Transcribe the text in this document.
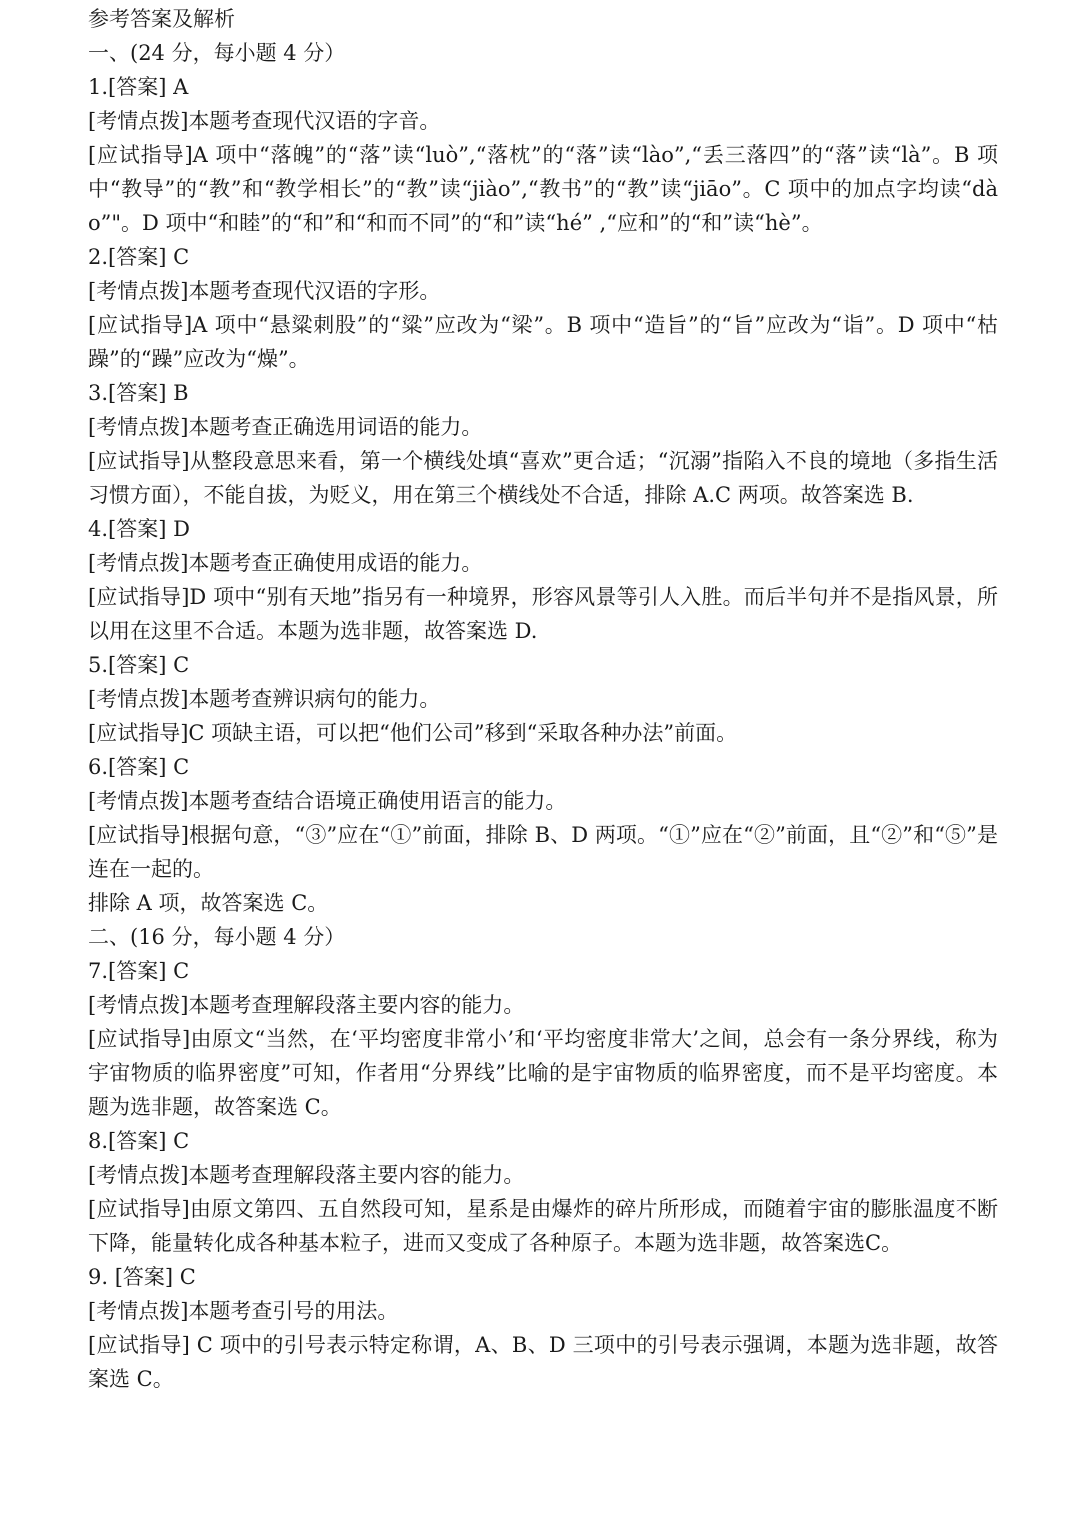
参考答案及解析
一、(24 分，每小题 4 分）
1.[答案] A
[考情点拨]本题考查现代汉语的字音。
[应试指导]A 项中“落魄”的“落”读“luò”,“落枕”的“落”读“lào”,“丢三落四”的“落”读“là”。B 项中“教导”的“教”和“教学相长”的“教”读“jiào”,“教书”的“教”读“jiāo”。C 项中的加点字均读“dào”"。D 项中“和睦”的“和”和“和而不同”的“和”读“hé” ,“应和”的“和”读“hè”。
2.[答案] C
[考情点拨]本题考查现代汉语的字形。
[应试指导]A 项中“悬粱刺股”的“粱”应改为“梁”。B 项中“造旨”的“旨”应改为“诣”。D 项中“枯躁”的“躁”应改为“燥”。
3.[答案] B
[考情点拨]本题考查正确选用词语的能力。
[应试指导]从整段意思来看，第一个横线处填“喜欢”更合适；“沉溺”指陷入不良的境地（多指生活习惯方面），不能自拔，为贬义，用在第三个横线处不合适，排除 A.C 两项。故答案选 B.
4.[答案] D
[考情点拨]本题考查正确使用成语的能力。
[应试指导]D 项中“别有天地”指另有一种境界，形容风景等引人入胜。而后半句并不是指风景，所以用在这里不合适。本题为选非题，故答案选 D.
5.[答案] C
[考情点拨]本题考查辨识病句的能力。
[应试指导]C 项缺主语，可以把“他们公司”移到“采取各种办法”前面。
6.[答案] C
[考情点拨]本题考查结合语境正确使用语言的能力。
[应试指导]根据句意，“③”应在“①”前面，排除 B、D 两项。“①”应在“②”前面，且“②”和“⑤”是连在一起的。
排除 A 项，故答案选 C。
二、(16 分，每小题 4 分）
7.[答案] C
[考情点拨]本题考查理解段落主要内容的能力。
[应试指导]由原文“当然，在‘平均密度非常小’和‘平均密度非常大’之间，总会有一条分界线，称为宇宙物质的临界密度”可知，作者用“分界线”比喻的是宇宙物质的临界密度，而不是平均密度。本题为选非题，故答案选 C。
8.[答案] C
[考情点拨]本题考查理解段落主要内容的能力。
[应试指导]由原文第四、五自然段可知，星系是由爆炸的碎片所形成，而随着宇宙的膨胀温度不断下降，能量转化成各种基本粒子，进而又变成了各种原子。本题为选非题，故答案选C。
9. [答案] C
[考情点拨]本题考查引号的用法。
[应试指导] C 项中的引号表示特定称谓，A、B、D 三项中的引号表示强调，本题为选非题，故答案选 C。
